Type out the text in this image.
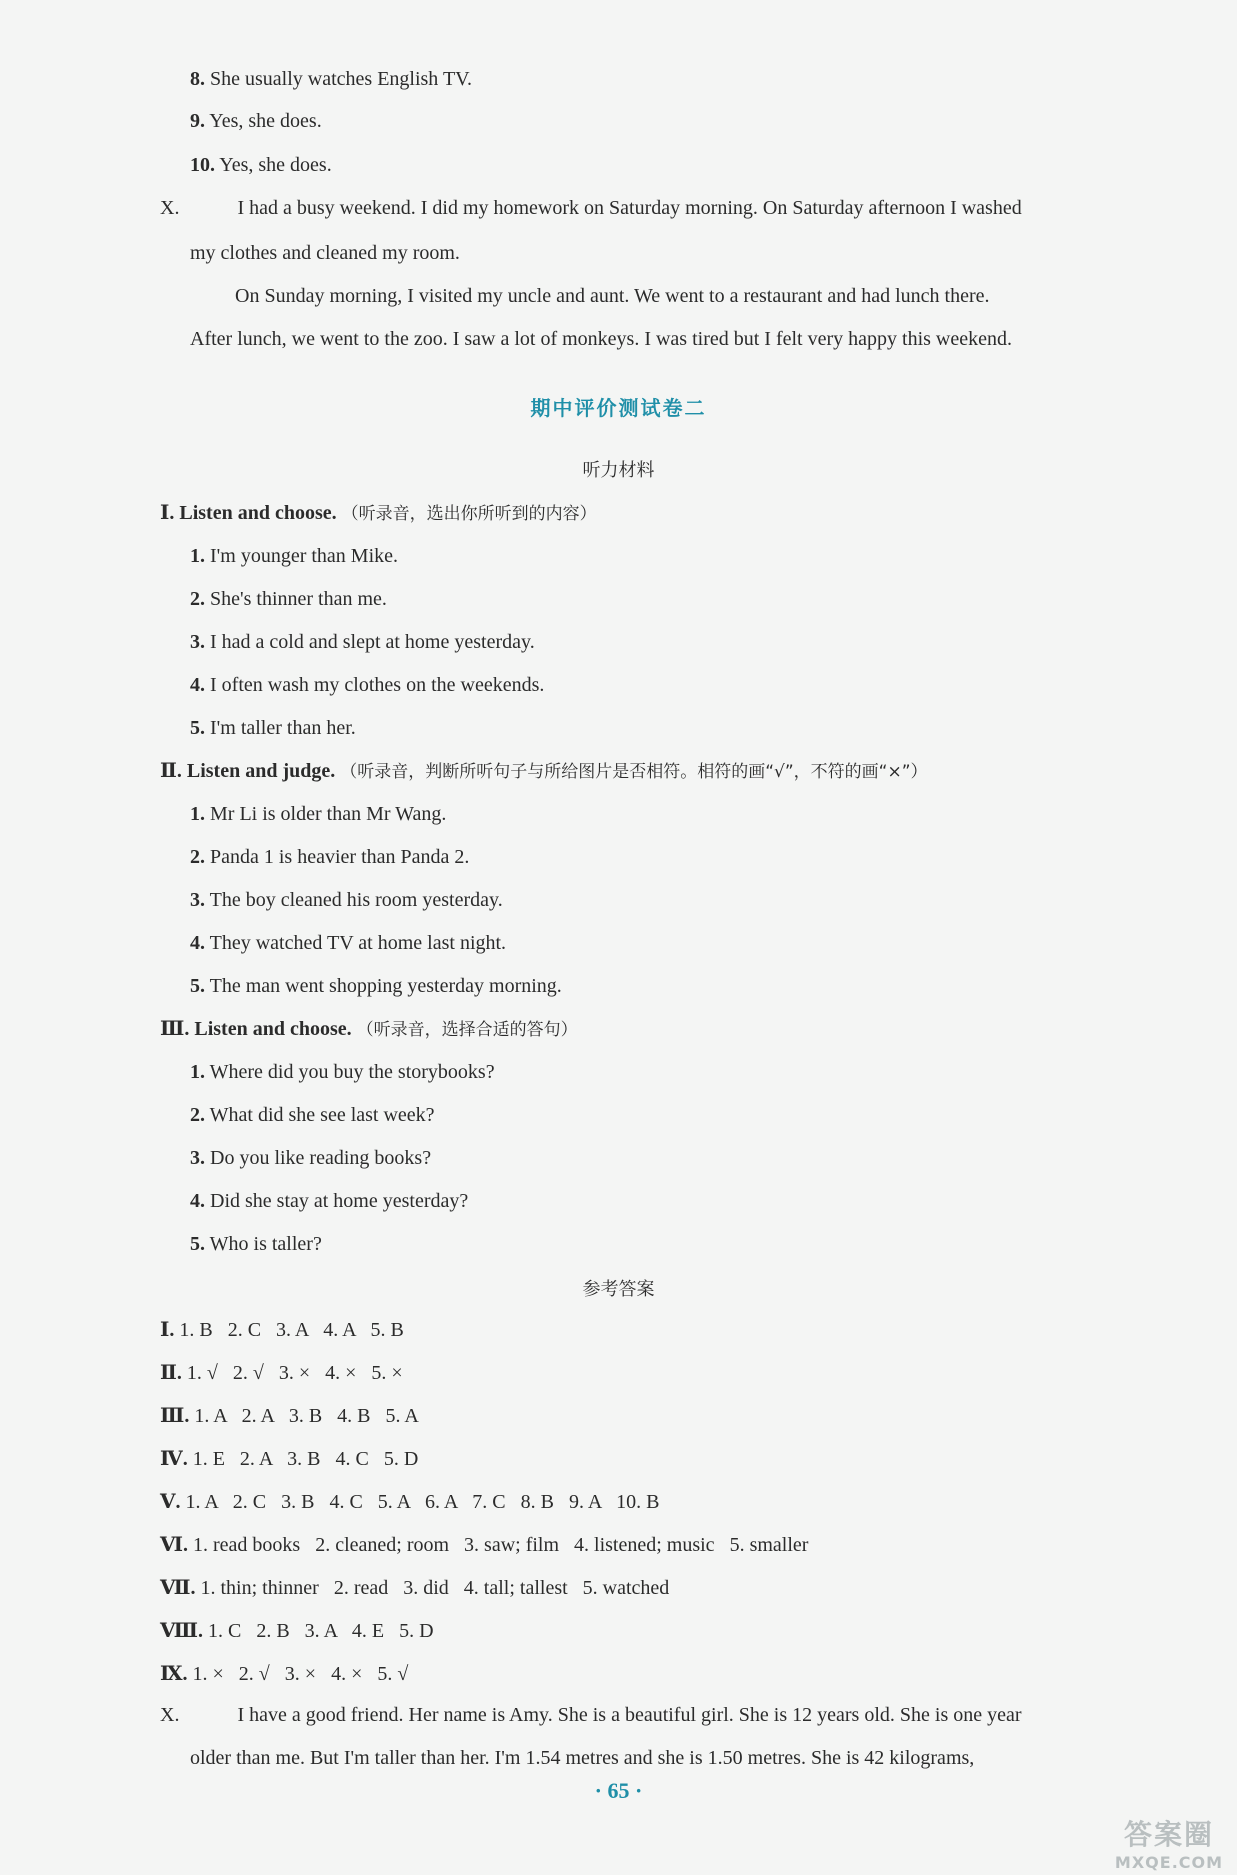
8. She usually watches English TV.
9. Yes, she does.
10. Yes, she does.
X.	I had a busy weekend. I did my homework on Saturday morning. On Saturday afternoon I washed
my clothes and cleaned my room.
On Sunday morning, I visited my uncle and aunt. We went to a restaurant and had lunch there.
After lunch, we went to the zoo. I saw a lot of monkeys. I was tired but I felt very happy this weekend.
期中评价测试卷二
听力材料
Ⅰ. Listen and choose. （听录音，选出你所听到的内容）
1. I'm younger than Mike.
2. She's thinner than me.
3. I had a cold and slept at home yesterday.
4. I often wash my clothes on the weekends.
5. I'm taller than her.
Ⅱ. Listen and judge. （听录音，判断所听句子与所给图片是否相符。相符的画“√”，不符的画“×”）
1. Mr Li is older than Mr Wang.
2. Panda 1 is heavier than Panda 2.
3. The boy cleaned his room yesterday.
4. They watched TV at home last night.
5. The man went shopping yesterday morning.
Ⅲ. Listen and choose. （听录音，选择合适的答句）
1. Where did you buy the storybooks?
2. What did she see last week?
3. Do you like reading books?
4. Did she stay at home yesterday?
5. Who is taller?
参考答案
Ⅰ. 1. B   2. C   3. A   4. A   5. B
Ⅱ. 1. √   2. √   3. ×   4. ×   5. ×
Ⅲ. 1. A   2. A   3. B   4. B   5. A
Ⅳ. 1. E   2. A   3. B   4. C   5. D
Ⅴ. 1. A   2. C   3. B   4. C   5. A   6. A   7. C   8. B   9. A   10. B
Ⅵ. 1. read books   2. cleaned; room   3. saw; film   4. listened; music   5. smaller
Ⅶ. 1. thin; thinner   2. read   3. did   4. tall; tallest   5. watched
Ⅷ. 1. C   2. B   3. A   4. E   5. D
Ⅸ. 1. ×   2. √   3. ×   4. ×   5. √
X.	I have a good friend. Her name is Amy. She is a beautiful girl. She is 12 years old. She is one year
older than me. But I'm taller than her. I'm 1.54 metres and she is 1.50 metres. She is 42 kilograms,
· 65 ·
答案圈
MXQE.COM
